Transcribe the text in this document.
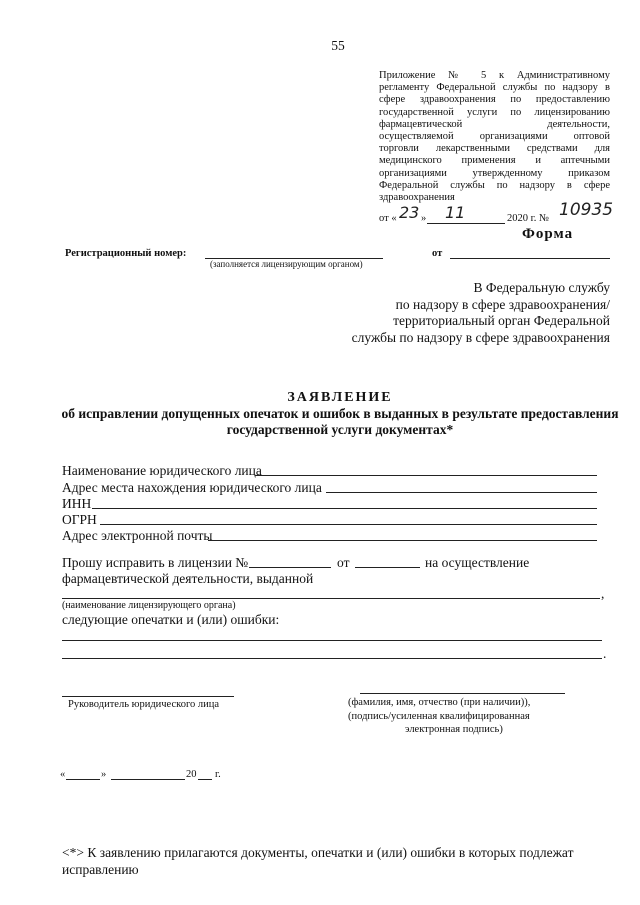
55
Приложение № 5 к Административному
регламенту Федеральной службы по надзору в
сфере здравоохранения по предоставлению
государственной услуги по лицензированию
фармацевтической деятельности,
осуществляемой организациями оптовой
торговли лекарственными средствами для
медицинского применения и аптечными
организациями утвержденному приказом
Федеральной службы по надзору в сфере
здравоохранения
от « 23 » 11	2020 г. № 10935
Форма
Регистрационный номер:
(заполняется лицензирующим органом)
от
В Федеральную службу
по надзору в сфере здравоохранения/
территориальный орган Федеральной
службы по надзору в сфере здравоохранения
ЗАЯВЛЕНИЕ
об исправлении допущенных опечаток и ошибок в выданных в результате предоставления
государственной услуги документах*
Наименование юридического лица
Адрес места нахождения юридического лица
ИНН
ОГРН
Адрес электронной почты
Прошу исправить в лицензии №	от	на осуществление
фармацевтической деятельности, выданной
,
(наименование лицензирующего органа)
следующие опечатки и (или) ошибки:
.
Руководитель юридического лица	(фамилия, имя, отчество (при наличии)),
(подпись/усиленная квалифицированная
электронная подпись)
«	»	20 г.
<*> К заявлению прилагаются документы, опечатки и (или) ошибки в которых подлежат
исправлению
